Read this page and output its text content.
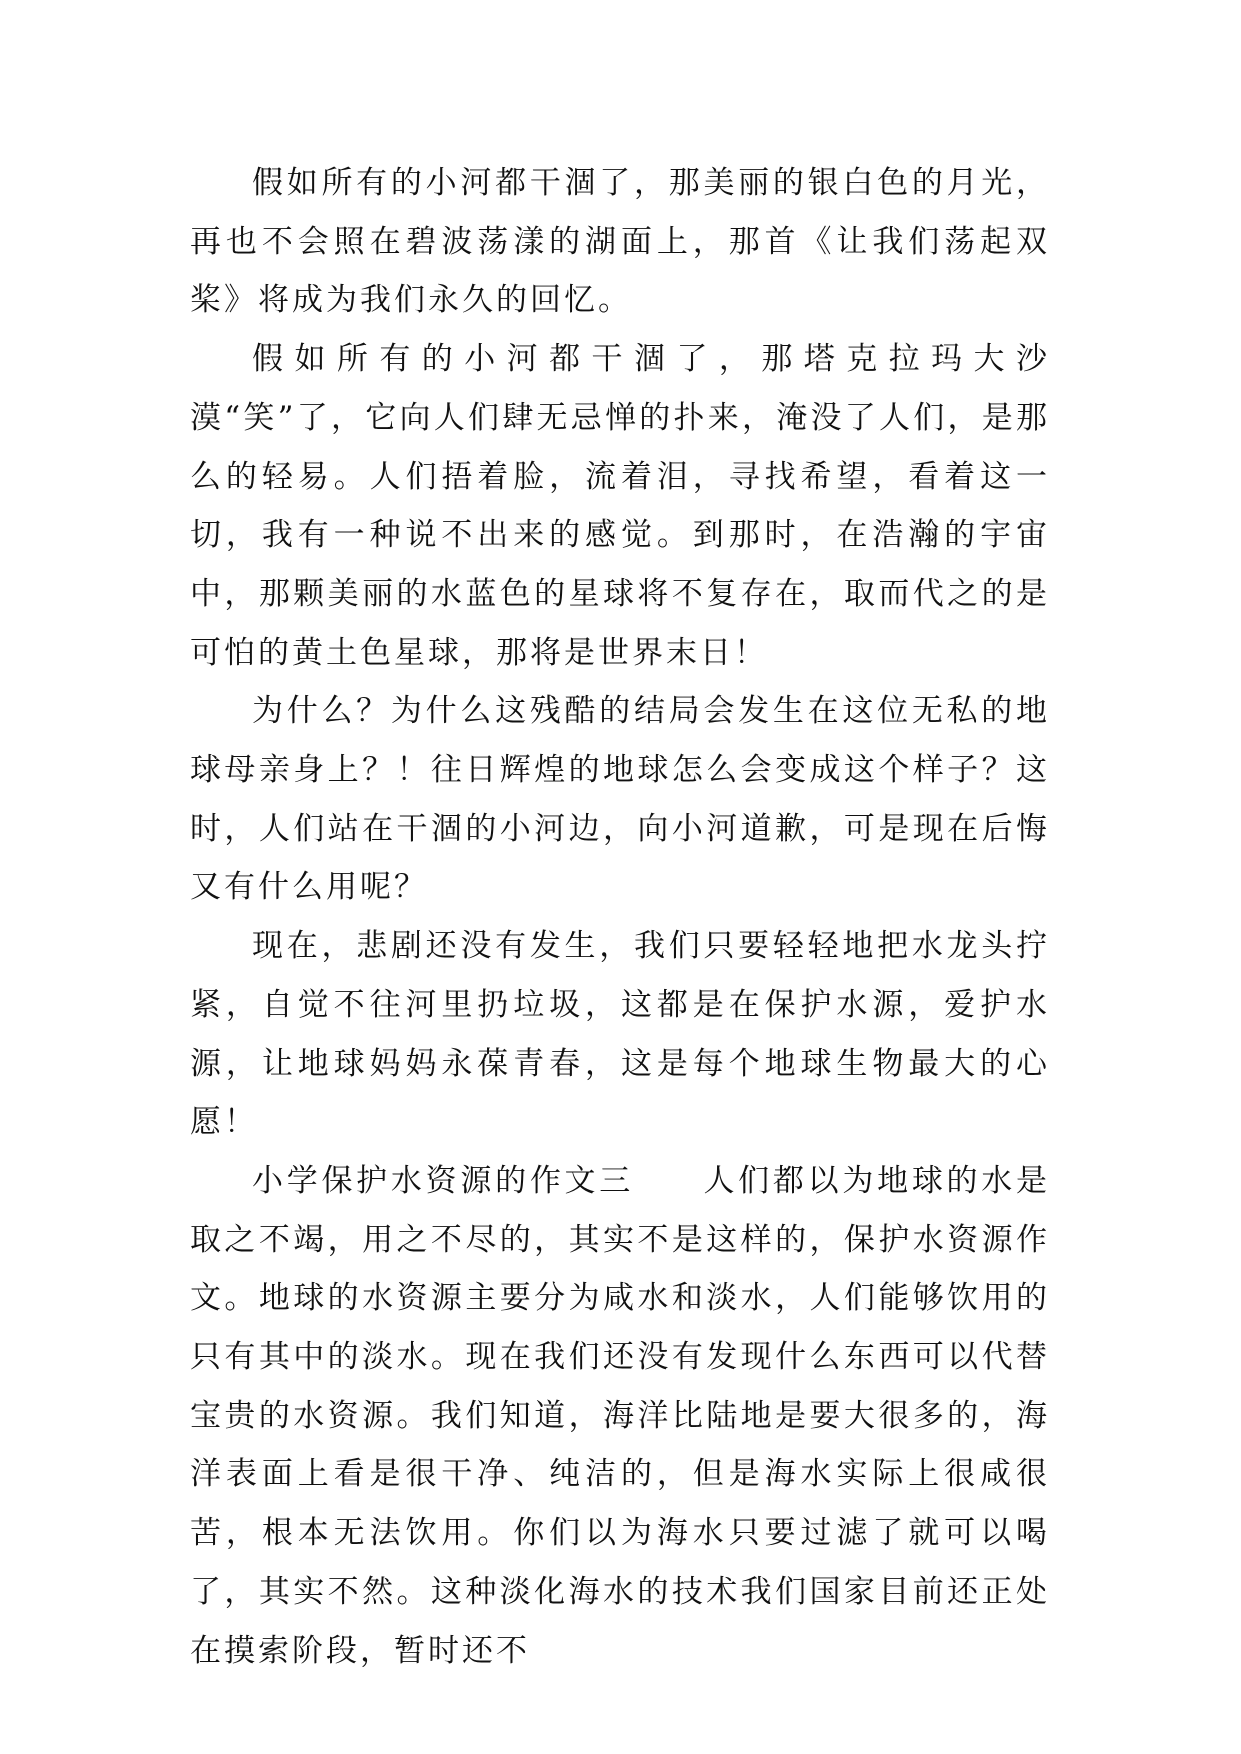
假如所有的小河都干涸了，那美丽的银白色的月光，再也不会照在碧波荡漾的湖面上，那首《让我们荡起双桨》将成为我们永久的回忆。

假如所有的小河都干涸了，那塔克拉玛大沙漠“笑”了，它向人们肆无忌惮的扑来，淹没了人们，是那么的轻易。人们捂着脸，流着泪，寻找希望，看着这一切，我有一种说不出来的感觉。到那时，在浩瀚的宇宙中，那颗美丽的水蓝色的星球将不复存在，取而代之的是可怕的黄土色星球，那将是世界末日！

为什么？为什么这残酷的结局会发生在这位无私的地球母亲身上？！往日辉煌的地球怎么会变成这个样子？这时，人们站在干涸的小河边，向小河道歉，可是现在后悔又有什么用呢？

现在，悲剧还没有发生，我们只要轻轻地把水龙头拧紧，自觉不往河里扔垃圾，这都是在保护水源，爱护水源，让地球妈妈永葆青春，这是每个地球生物最大的心愿！

小学保护水资源的作文三　　人们都以为地球的水是取之不竭，用之不尽的，其实不是这样的，保护水资源作文。地球的水资源主要分为咸水和淡水，人们能够饮用的只有其中的淡水。现在我们还没有发现什么东西可以代替宝贵的水资源。我们知道，海洋比陆地是要大很多的，海洋表面上看是很干净、纯洁的，但是海水实际上很咸很苦，根本无法饮用。你们以为海水只要过滤了就可以喝了，其实不然。这种淡化海水的技术我们国家目前还正处在摸索阶段，暂时还不
